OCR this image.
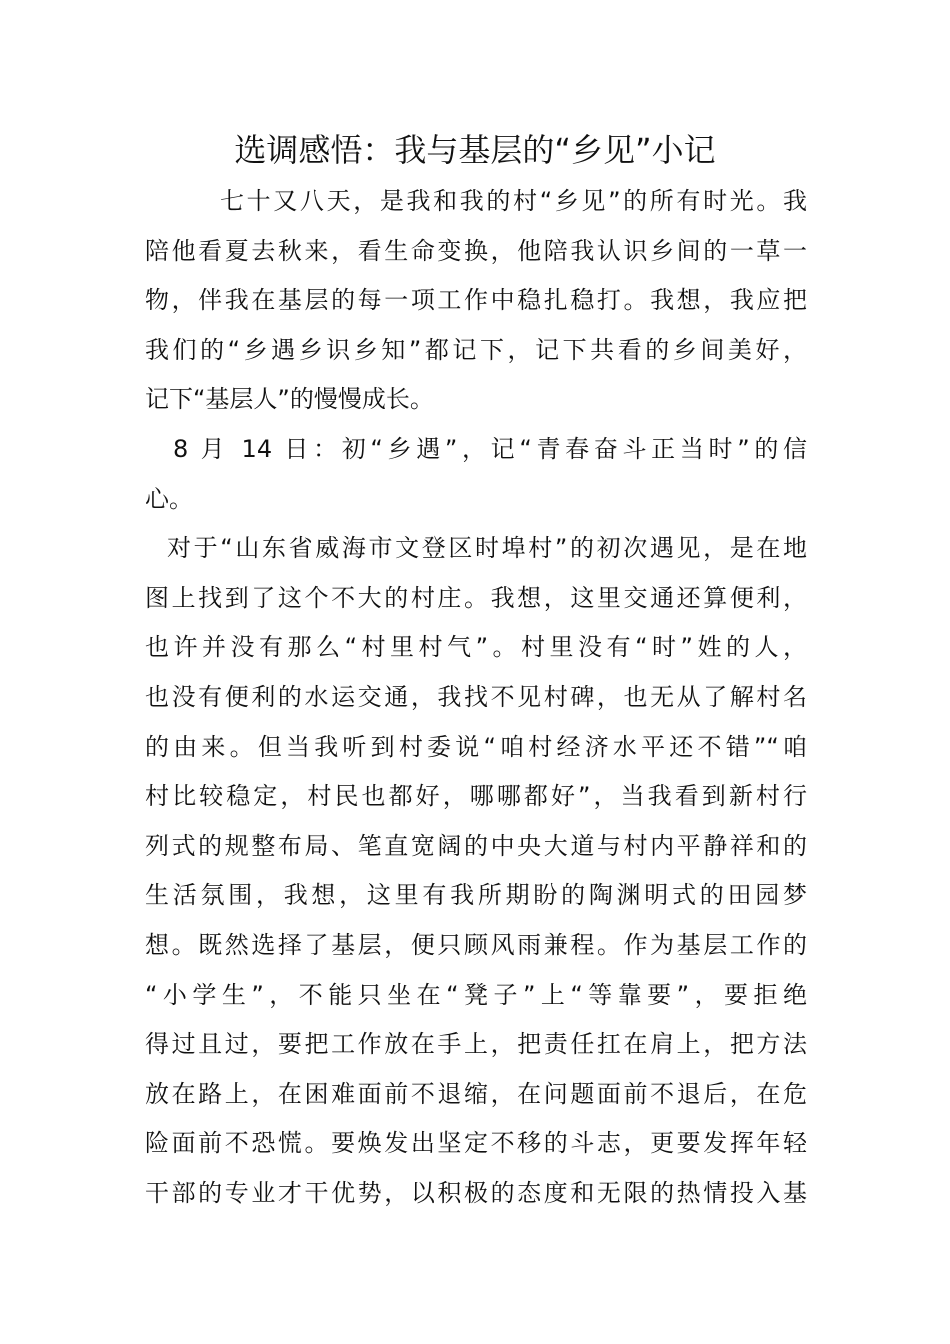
选调感悟：我与基层的“乡见”小记
七十又八天，是我和我的村“乡见”的所有时光。我
陪他看夏去秋来，看生命变换，他陪我认识乡间的一草一
物，伴我在基层的每一项工作中稳扎稳打。我想，我应把
我们的“乡遇乡识乡知”都记下，记下共看的乡间美好，
记下“基层人”的慢慢成长。
8 月 14 日：初“乡遇”，记“青春奋斗正当时”的信
心。
对于“山东省威海市文登区时埠村”的初次遇见，是在地
图上找到了这个不大的村庄。我想，这里交通还算便利，
也许并没有那么“村里村气”。村里没有“时”姓的人，
也没有便利的水运交通，我找不见村碑，也无从了解村名
的由来。但当我听到村委说“咱村经济水平还不错”“咱
村比较稳定，村民也都好，哪哪都好”，当我看到新村行
列式的规整布局、笔直宽阔的中央大道与村内平静祥和的
生活氛围，我想，这里有我所期盼的陶渊明式的田园梦
想。既然选择了基层，便只顾风雨兼程。作为基层工作的
“小学生”，不能只坐在“凳子”上“等靠要”，要拒绝
得过且过，要把工作放在手上，把责任扛在肩上，把方法
放在路上，在困难面前不退缩，在问题面前不退后，在危
险面前不恐慌。要焕发出坚定不移的斗志，更要发挥年轻
干部的专业才干优势，以积极的态度和无限的热情投入基
